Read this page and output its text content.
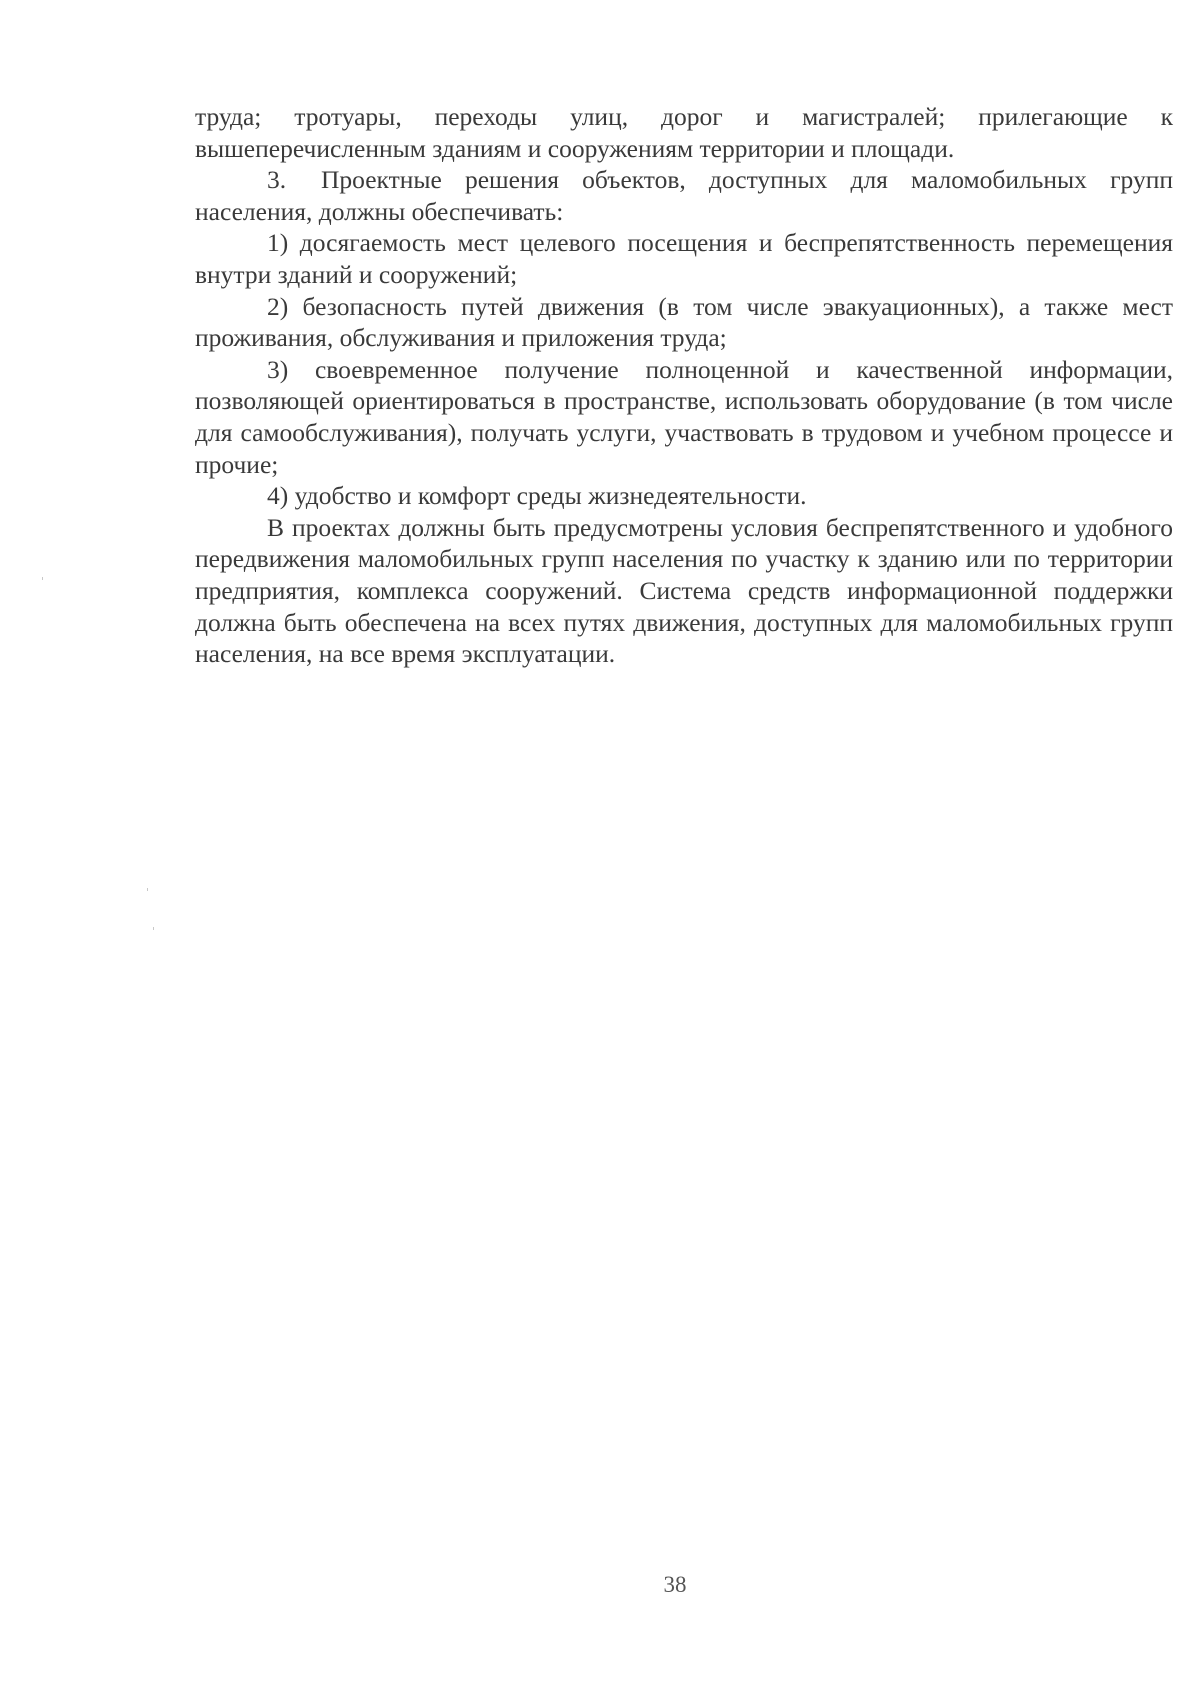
труда; тротуары, переходы улиц, дорог и магистралей; прилегающие к вышеперечисленным зданиям и сооружениям территории и площади.

3. Проектные решения объектов, доступных для маломобильных групп населения, должны обеспечивать:

1) досягаемость мест целевого посещения и беспрепятственность перемещения внутри зданий и сооружений;

2) безопасность путей движения (в том числе эвакуационных), а также мест проживания, обслуживания и приложения труда;

3) своевременное получение полноценной и качественной информации, позволяющей ориентироваться в пространстве, использовать оборудование (в том числе для самообслуживания), получать услуги, участвовать в трудовом и учебном процессе и прочие;

4) удобство и комфорт среды жизнедеятельности.

В проектах должны быть предусмотрены условия беспрепятственного и удобного передвижения маломобильных групп населения по участку к зданию или по территории предприятия, комплекса сооружений. Система средств информационной поддержки должна быть обеспечена на всех путях движения, доступных для маломобильных групп населения, на все время эксплуатации.

38
